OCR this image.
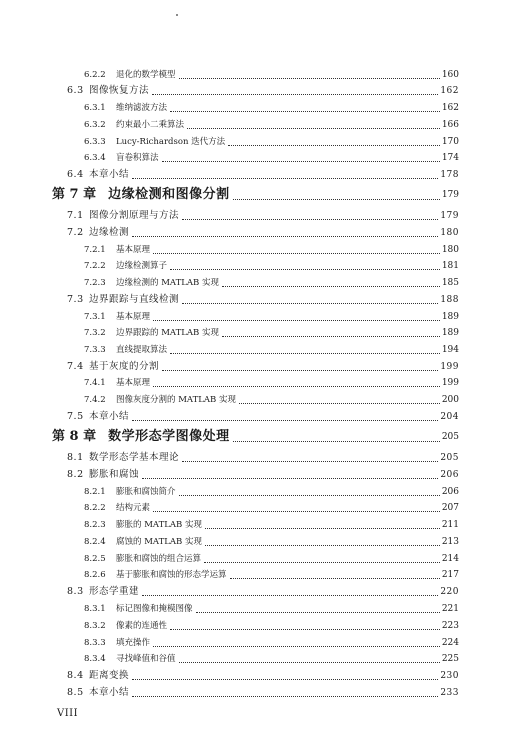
6.2.2	退化的数学模型	160
6.3 图像恢复方法	162
6.3.1	维纳滤波方法	162
6.3.2	约束最小二乘算法	166
6.3.3	Lucy-Richardson 迭代方法	170
6.3.4	盲卷积算法	174
6.4 本章小结	178
第 7 章 边缘检测和图像分割	179
7.1 图像分割原理与方法	179
7.2 边缘检测	180
7.2.1	基本原理	180
7.2.2	边缘检测算子	181
7.2.3	边缘检测的 MATLAB 实现	185
7.3 边界跟踪与直线检测	188
7.3.1	基本原理	189
7.3.2	边界跟踪的 MATLAB 实现	189
7.3.3	直线提取算法	194
7.4 基于灰度的分割	199
7.4.1	基本原理	199
7.4.2	图像灰度分割的 MATLAB 实现	200
7.5 本章小结	204
第 8 章 数学形态学图像处理	205
8.1 数学形态学基本理论	205
8.2 膨胀和腐蚀	206
8.2.1	膨胀和腐蚀简介	206
8.2.2	结构元素	207
8.2.3	膨胀的 MATLAB 实现	211
8.2.4	腐蚀的 MATLAB 实现	213
8.2.5	膨胀和腐蚀的组合运算	214
8.2.6	基于膨胀和腐蚀的形态学运算	217
8.3 形态学重建	220
8.3.1	标记图像和掩模图像	221
8.3.2	像素的连通性	223
8.3.3	填充操作	224
8.3.4	寻找峰值和谷值	225
8.4 距离变换	230
8.5 本章小结	233
VIII
